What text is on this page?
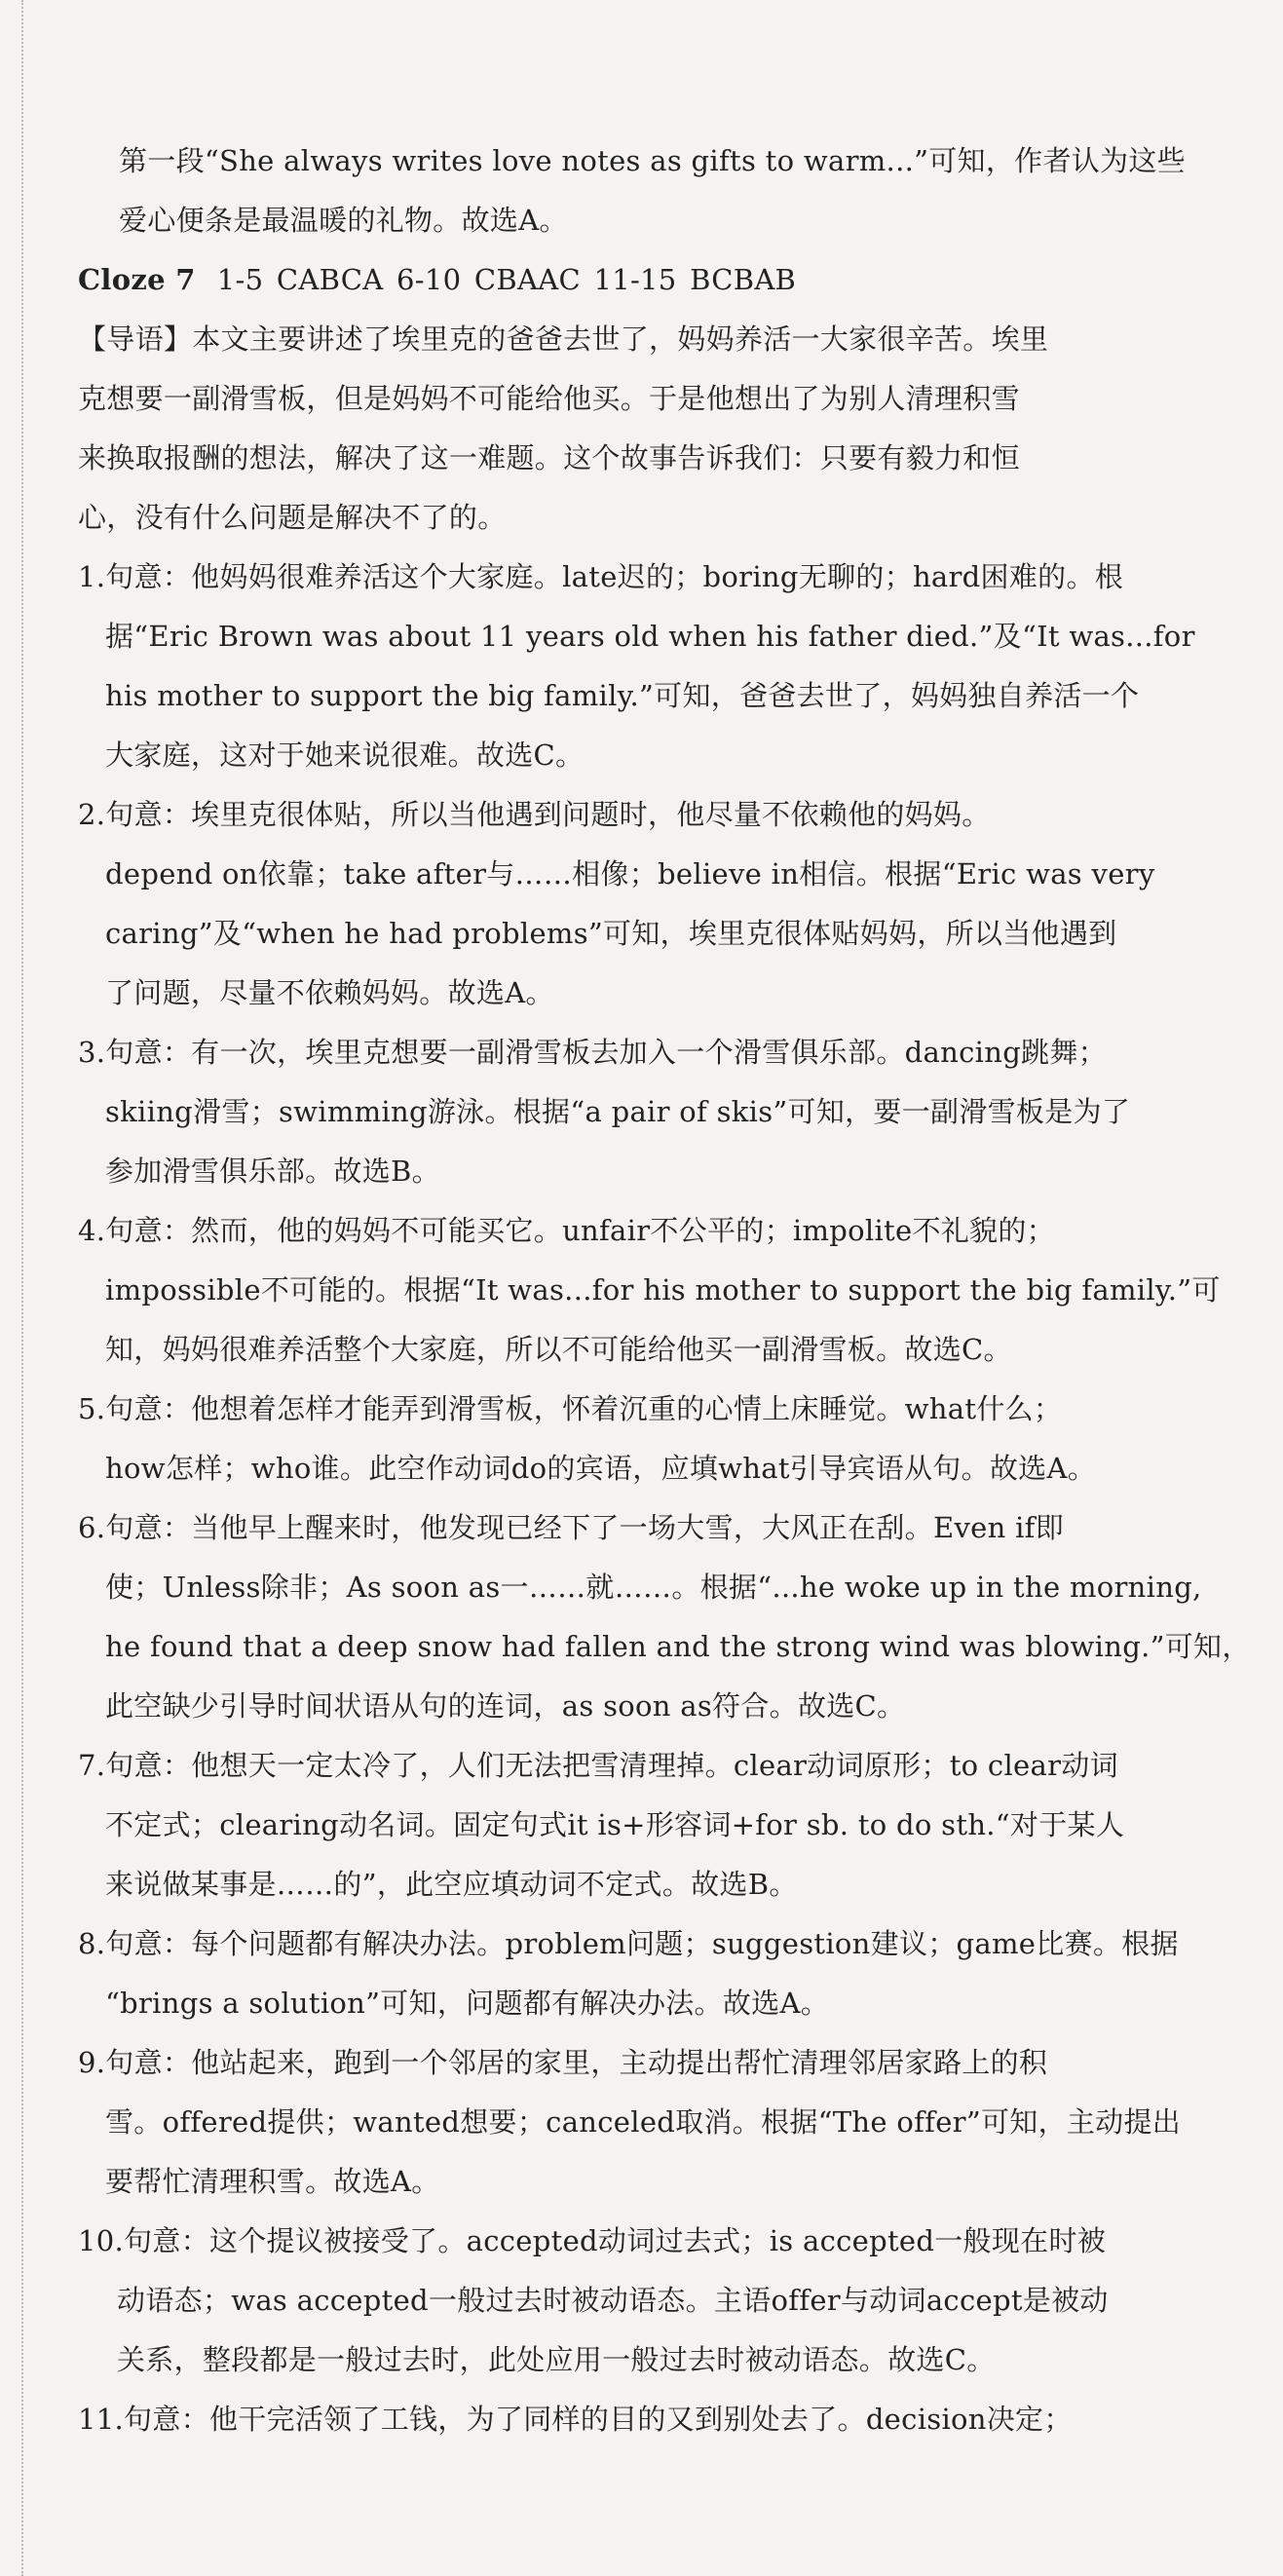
第一段“She always writes love notes as gifts to warm...”可知，作者认为这些
爱心便条是最温暖的礼物。故选A。
Cloze 7 1-5 CABCA 6-10 CBAAC 11-15 BCBAB
【导语】本文主要讲述了埃里克的爸爸去世了，妈妈养活一大家很辛苦。埃里
克想要一副滑雪板，但是妈妈不可能给他买。于是他想出了为别人清理积雪
来换取报酬的想法，解决了这一难题。这个故事告诉我们：只要有毅力和恒
心，没有什么问题是解决不了的。
1.句意：他妈妈很难养活这个大家庭。late迟的；boring无聊的；hard困难的。根
据“Eric Brown was about 11 years old when his father died.”及“It was...for
his mother to support the big family.”可知，爸爸去世了，妈妈独自养活一个
大家庭，这对于她来说很难。故选C。
2.句意：埃里克很体贴，所以当他遇到问题时，他尽量不依赖他的妈妈。
depend on依靠；take after与……相像；believe in相信。根据“Eric was very
caring”及“when he had problems”可知，埃里克很体贴妈妈，所以当他遇到
了问题，尽量不依赖妈妈。故选A。
3.句意：有一次，埃里克想要一副滑雪板去加入一个滑雪俱乐部。dancing跳舞；
skiing滑雪；swimming游泳。根据“a pair of skis”可知，要一副滑雪板是为了
参加滑雪俱乐部。故选B。
4.句意：然而，他的妈妈不可能买它。unfair不公平的；impolite不礼貌的；
impossible不可能的。根据“It was...for his mother to support the big family.”可
知，妈妈很难养活整个大家庭，所以不可能给他买一副滑雪板。故选C。
5.句意：他想着怎样才能弄到滑雪板，怀着沉重的心情上床睡觉。what什么；
how怎样；who谁。此空作动词do的宾语，应填what引导宾语从句。故选A。
6.句意：当他早上醒来时，他发现已经下了一场大雪，大风正在刮。Even if即
使；Unless除非；As soon as一……就……。根据“...he woke up in the morning,
he found that a deep snow had fallen and the strong wind was blowing.”可知，
此空缺少引导时间状语从句的连词，as soon as符合。故选C。
7.句意：他想天一定太冷了，人们无法把雪清理掉。clear动词原形；to clear动词
不定式；clearing动名词。固定句式it is+形容词+for sb. to do sth.“对于某人
来说做某事是……的”，此空应填动词不定式。故选B。
8.句意：每个问题都有解决办法。problem问题；suggestion建议；game比赛。根据
“brings a solution”可知，问题都有解决办法。故选A。
9.句意：他站起来，跑到一个邻居的家里，主动提出帮忙清理邻居家路上的积
雪。offered提供；wanted想要；canceled取消。根据“The offer”可知，主动提出
要帮忙清理积雪。故选A。
10.句意：这个提议被接受了。accepted动词过去式；is accepted一般现在时被
动语态；was accepted一般过去时被动语态。主语offer与动词accept是被动
关系，整段都是一般过去时，此处应用一般过去时被动语态。故选C。
11.句意：他干完活领了工钱，为了同样的目的又到别处去了。decision决定；
